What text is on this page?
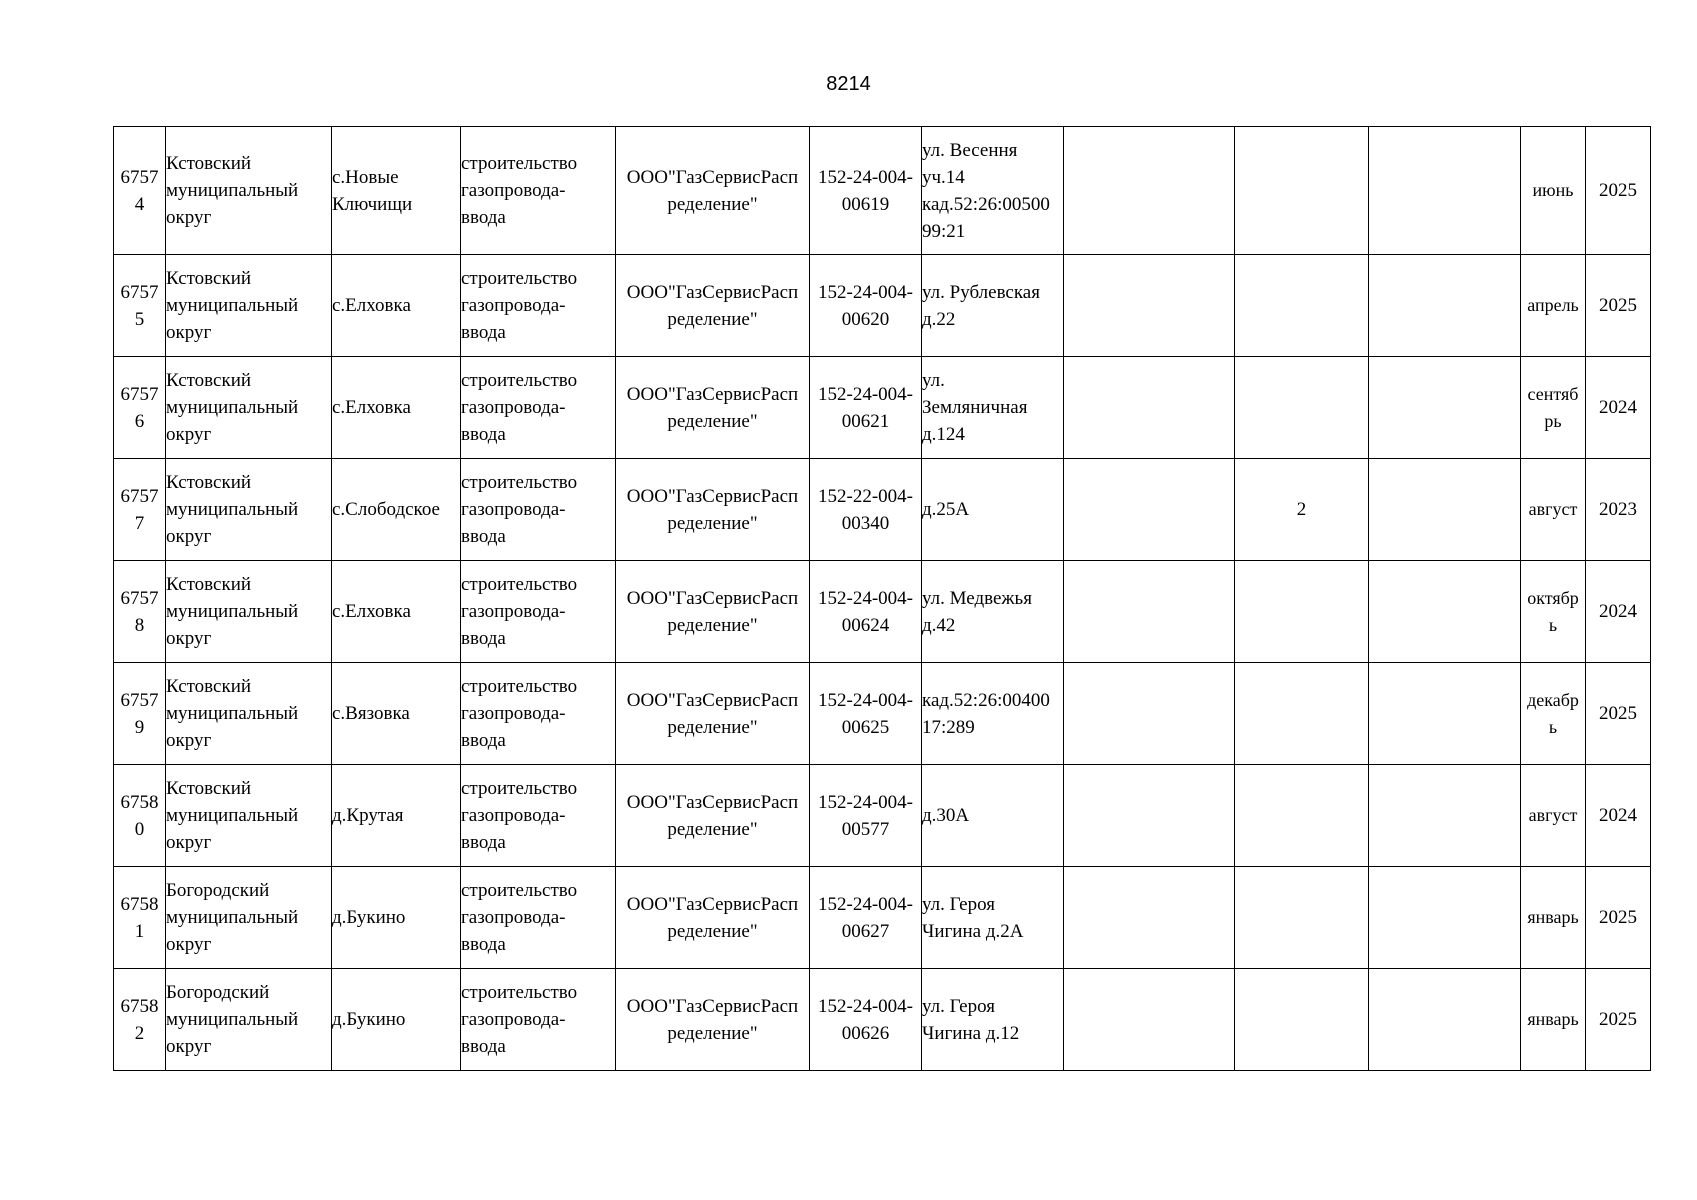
8214
6757
4	Кстовский
муниципальный
округ	с.Новые
Ключищи	строительство
газопровода-
ввода	ООО"ГазСервисРасп
ределение"	152-24-004-
00619	ул. Весення
уч.14
кад.52:26:00500
99:21				июнь	2025
6757
5	Кстовский
муниципальный
округ	с.Елховка	строительство
газопровода-
ввода	ООО"ГазСервисРасп
ределение"	152-24-004-
00620	ул. Рублевская
д.22				апрель	2025
6757
6	Кстовский
муниципальный
округ	с.Елховка	строительство
газопровода-
ввода	ООО"ГазСервисРасп
ределение"	152-24-004-
00621	ул.
Земляничная
д.124				сентяб
рь	2024
6757
7	Кстовский
муниципальный
округ	с.Слободское	строительство
газопровода-
ввода	ООО"ГазСервисРасп
ределение"	152-22-004-
00340	д.25А		2		август	2023
6757
8	Кстовский
муниципальный
округ	с.Елховка	строительство
газопровода-
ввода	ООО"ГазСервисРасп
ределение"	152-24-004-
00624	ул. Медвежья
д.42				октябр
ь	2024
6757
9	Кстовский
муниципальный
округ	с.Вязовка	строительство
газопровода-
ввода	ООО"ГазСервисРасп
ределение"	152-24-004-
00625	кад.52:26:00400
17:289				декабр
ь	2025
6758
0	Кстовский
муниципальный
округ	д.Крутая	строительство
газопровода-
ввода	ООО"ГазСервисРасп
ределение"	152-24-004-
00577	д.30А				август	2024
6758
1	Богородский
муниципальный
округ	д.Букино	строительство
газопровода-
ввода	ООО"ГазСервисРасп
ределение"	152-24-004-
00627	ул. Героя
Чигина д.2А				январь	2025
6758
2	Богородский
муниципальный
округ	д.Букино	строительство
газопровода-
ввода	ООО"ГазСервисРасп
ределение"	152-24-004-
00626	ул. Героя
Чигина д.12				январь	2025
